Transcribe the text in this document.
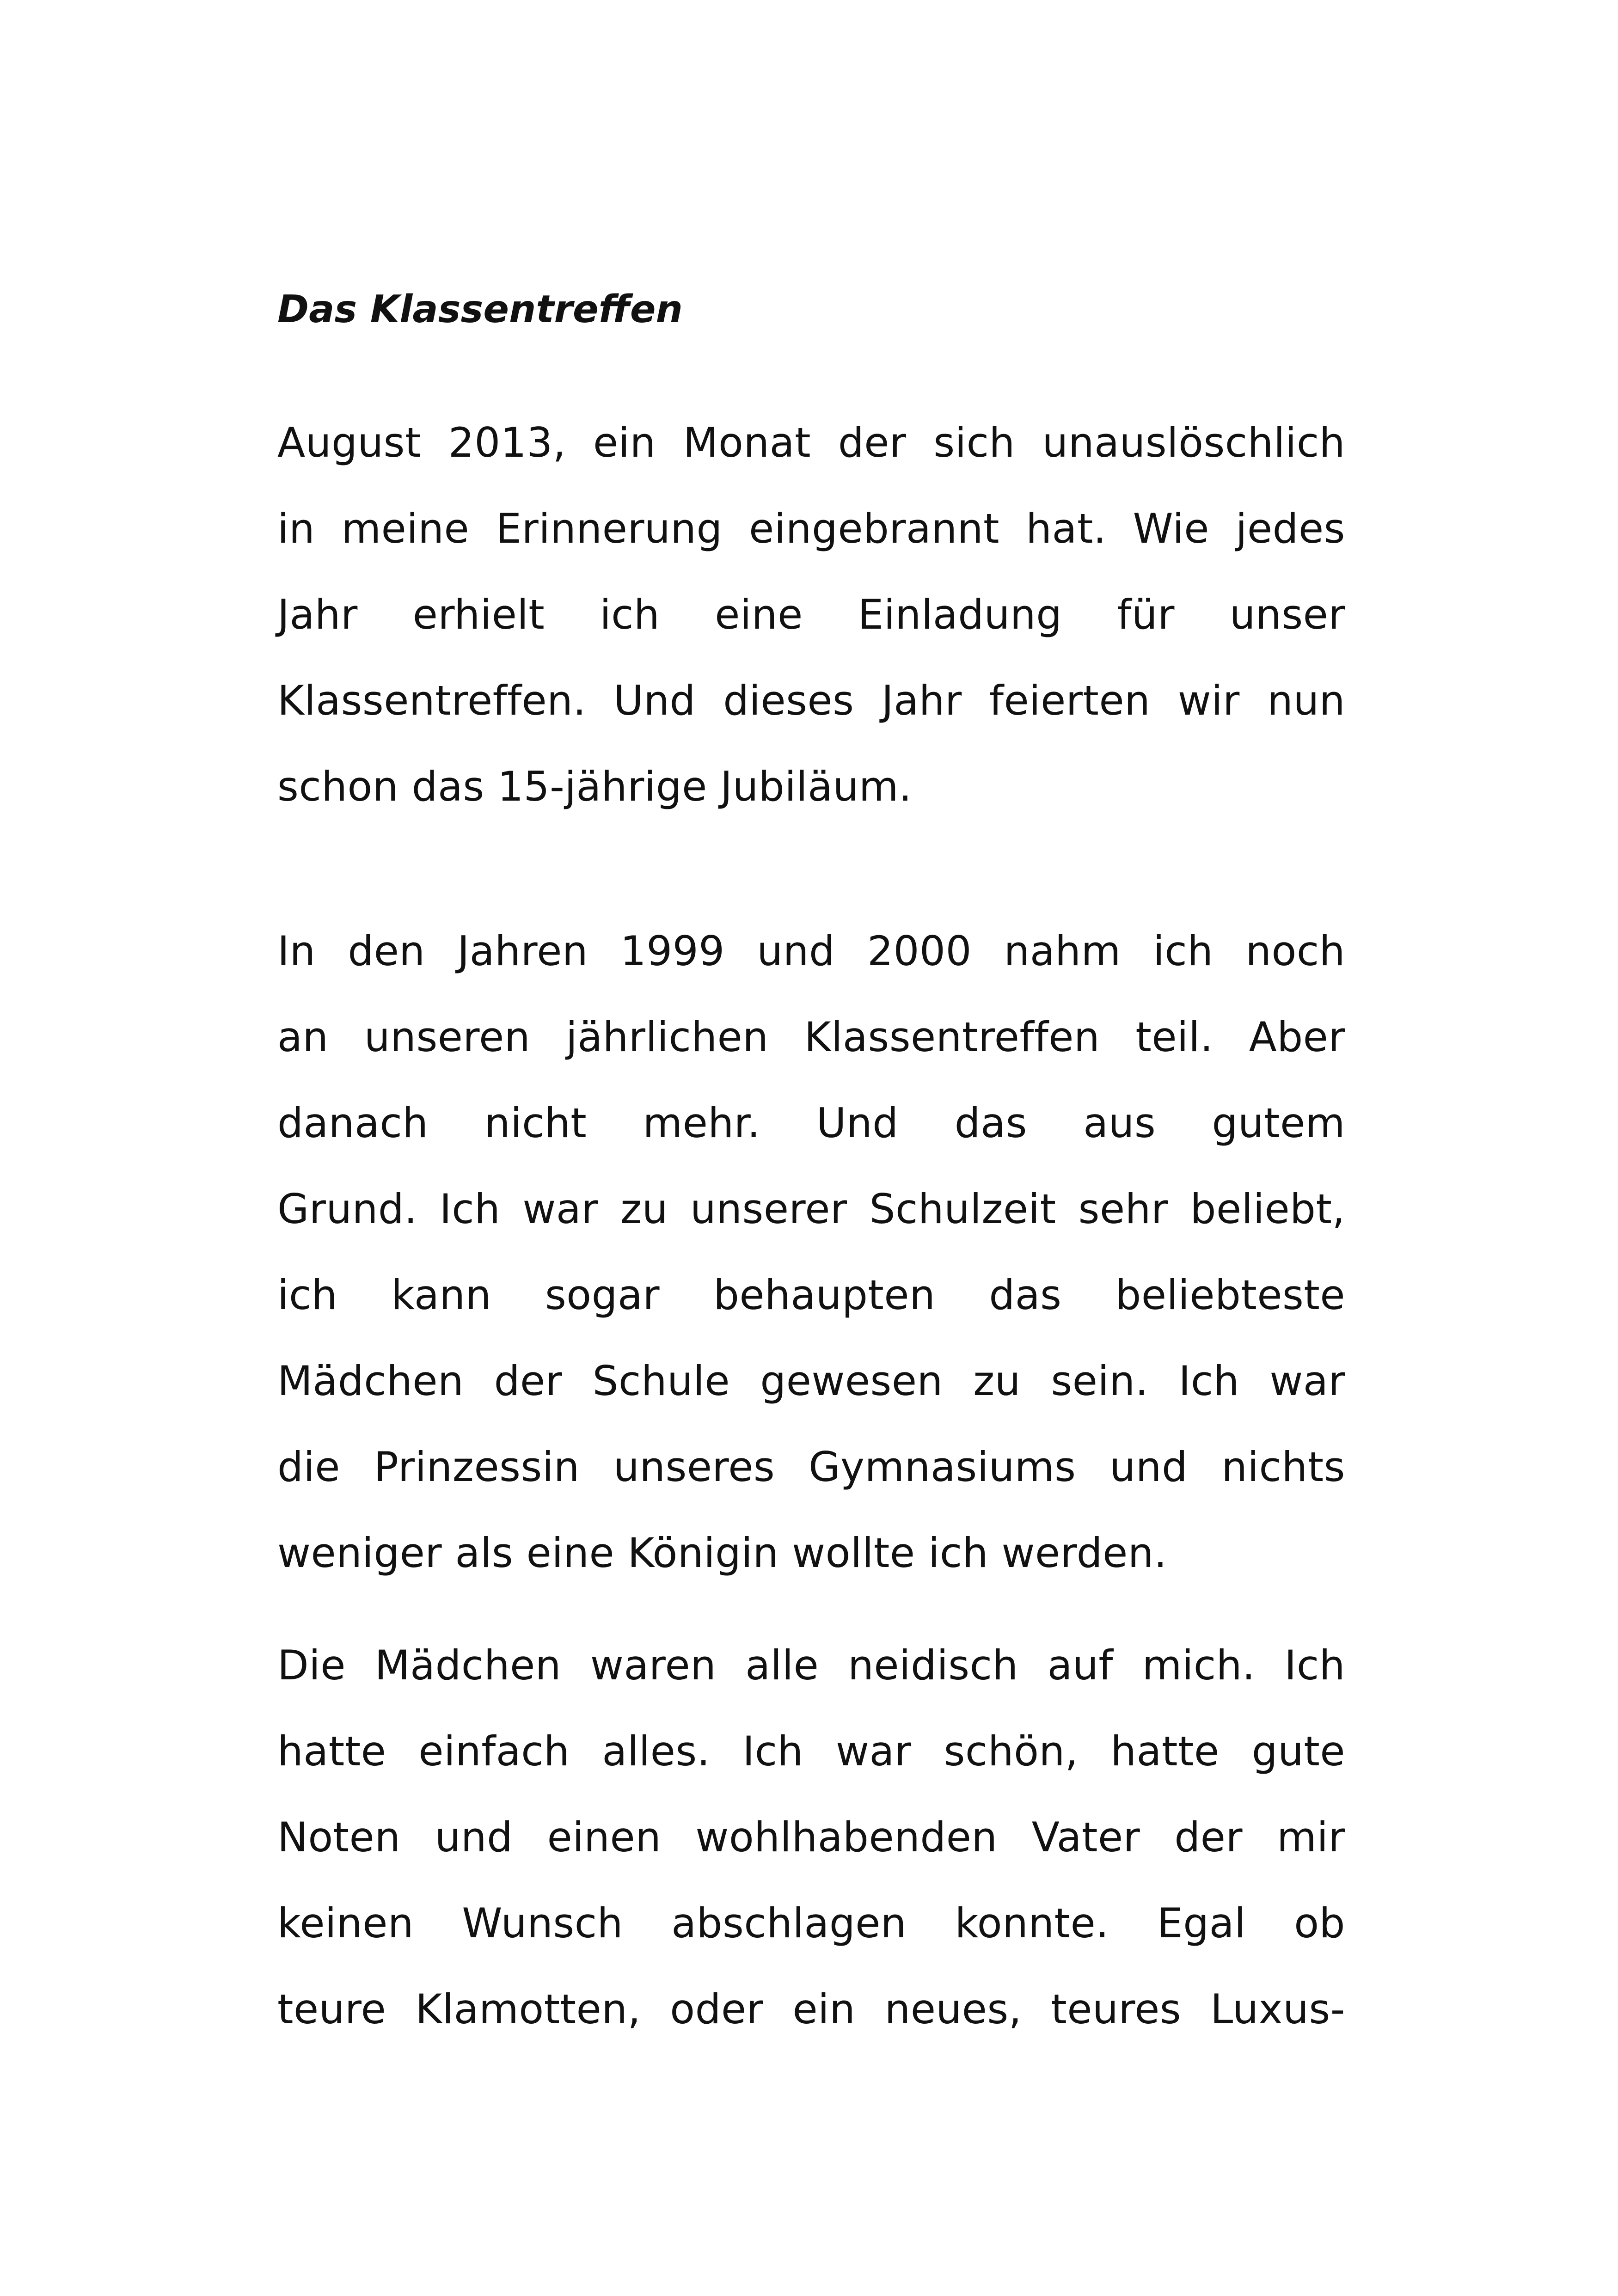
Das Klassentreffen
August 2013, ein Monat der sich unauslöschlich
in meine Erinnerung eingebrannt hat. Wie jedes
Jahr erhielt ich eine Einladung für unser
Klassentreffen. Und dieses Jahr feierten wir nun
schon das 15-jährige Jubiläum.
In den Jahren 1999 und 2000 nahm ich noch
an unseren jährlichen Klassentreffen teil. Aber
danach nicht mehr. Und das aus gutem
Grund. Ich war zu unserer Schulzeit sehr beliebt,
ich kann sogar behaupten das beliebteste
Mädchen der Schule gewesen zu sein. Ich war
die Prinzessin unseres Gymnasiums und nichts
weniger als eine Königin wollte ich werden.
Die Mädchen waren alle neidisch auf mich. Ich
hatte einfach alles. Ich war schön, hatte gute
Noten und einen wohlhabenden Vater der mir
keinen Wunsch abschlagen konnte. Egal ob
teure Klamotten, oder ein neues, teures Luxus-
